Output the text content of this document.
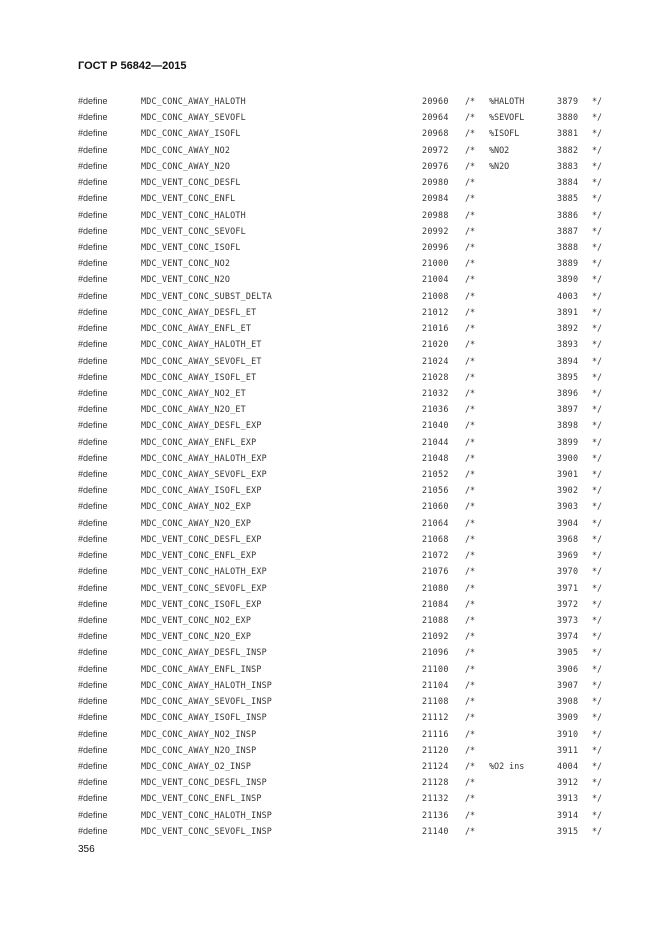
ГОСТ Р 56842—2015
#define	MDC_CONC_AWAY_HALOTH	20960 /* %HALOTH	3879 */
#define	MDC_CONC_AWAY_SEVOFL	20964 /* %SEVOFL	3880 */
#define	MDC_CONC_AWAY_ISOFL	20968 /* %ISOFL	3881 */
#define	MDC_CONC_AWAY_NO2	20972 /* %NO2	3882 */
#define	MDC_CONC_AWAY_N2O	20976 /* %N2O	3883 */
#define	MDC_VENT_CONC_DESFL	20980 /*	3884 */
#define	MDC_VENT_CONC_ENFL	20984 /*	3885 */
#define	MDC_VENT_CONC_HALOTH	20988 /*	3886 */
#define	MDC_VENT_CONC_SEVOFL	20992 /*	3887 */
#define	MDC_VENT_CONC_ISOFL	20996 /*	3888 */
#define	MDC_VENT_CONC_NO2	21000 /*	3889 */
#define	MDC_VENT_CONC_N2O	21004 /*	3890 */
#define	MDC_VENT_CONC_SUBST_DELTA	21008 /*	4003 */
#define	MDC_CONC_AWAY_DESFL_ET	21012 /*	3891 */
#define	MDC_CONC_AWAY_ENFL_ET	21016 /*	3892 */
#define	MDC_CONC_AWAY_HALOTH_ET	21020 /*	3893 */
#define	MDC_CONC_AWAY_SEVOFL_ET	21024 /*	3894 */
#define	MDC_CONC_AWAY_ISOFL_ET	21028 /*	3895 */
#define	MDC_CONC_AWAY_NO2_ET	21032 /*	3896 */
#define	MDC_CONC_AWAY_N2O_ET	21036 /*	3897 */
#define	MDC_CONC_AWAY_DESFL_EXP	21040 /*	3898 */
#define	MDC_CONC_AWAY_ENFL_EXP	21044 /*	3899 */
#define	MDC_CONC_AWAY_HALOTH_EXP	21048 /*	3900 */
#define	MDC_CONC_AWAY_SEVOFL_EXP	21052 /*	3901 */
#define	MDC_CONC_AWAY_ISOFL_EXP	21056 /*	3902 */
#define	MDC_CONC_AWAY_NO2_EXP	21060 /*	3903 */
#define	MDC_CONC_AWAY_N2O_EXP	21064 /*	3904 */
#define	MDC_VENT_CONC_DESFL_EXP	21068 /*	3968 */
#define	MDC_VENT_CONC_ENFL_EXP	21072 /*	3969 */
#define	MDC_VENT_CONC_HALOTH_EXP	21076 /*	3970 */
#define	MDC_VENT_CONC_SEVOFL_EXP	21080 /*	3971 */
#define	MDC_VENT_CONC_ISOFL_EXP	21084 /*	3972 */
#define	MDC_VENT_CONC_NO2_EXP	21088 /*	3973 */
#define	MDC_VENT_CONC_N2O_EXP	21092 /*	3974 */
#define	MDC_CONC_AWAY_DESFL_INSP	21096 /*	3905 */
#define	MDC_CONC_AWAY_ENFL_INSP	21100 /*	3906 */
#define	MDC_CONC_AWAY_HALOTH_INSP	21104 /*	3907 */
#define	MDC_CONC_AWAY_SEVOFL_INSP	21108 /*	3908 */
#define	MDC_CONC_AWAY_ISOFL_INSP	21112 /*	3909 */
#define	MDC_CONC_AWAY_NO2_INSP	21116 /*	3910 */
#define	MDC_CONC_AWAY_N2O_INSP	21120 /*	3911 */
#define	MDC_CONC_AWAY_O2_INSP	21124 /* %O2 ins	4004 */
#define	MDC_VENT_CONC_DESFL_INSP	21128 /*	3912 */
#define	MDC_VENT_CONC_ENFL_INSP	21132 /*	3913 */
#define	MDC_VENT_CONC_HALOTH_INSP	21136 /*	3914 */
#define	MDC_VENT_CONC_SEVOFL_INSP	21140 /*	3915 */
356
